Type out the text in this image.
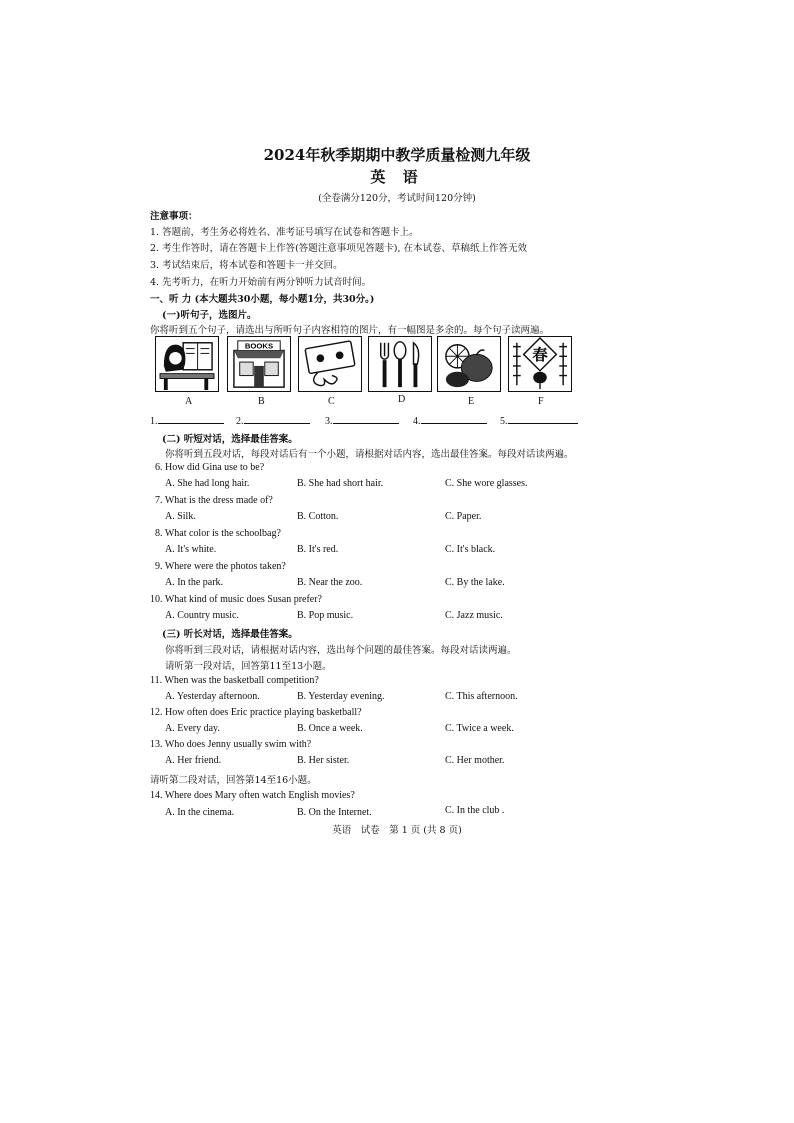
2024年秋季期期中教学质量检测九年级
英 语
(全卷满分120分，考试时间120分钟)
注意事项：
1. 答题前，考生务必将姓名、准考证号填写在试卷和答题卡上。
2. 考生作答时，请在答题卡上作答(答题注意事项见答题卡), 在本试卷、草稿纸上作答无效
3. 考试结束后，将本试卷和答题卡一并交回。
4. 先考听力，在听力开始前有两分钟听力试音时间。
一、听 力 (本大题共30小题，每小题1分，共30分。)
(一)听句子，选图片。
你将听到五个句子，请选出与所听句子内容相符的图片，有一幅图是多余的。每个句子读两遍。
BOOKS
春
A	B	C	D	E	F
1.	2.	3.	4.	5.
(二) 听短对话，选择最佳答案。
你将听到五段对话，每段对话后有一个小题，请根据对话内容，选出最佳答案。每段对话读两遍。
6. How did Gina use to be?
A. She had long hair.	B. She had short hair.	C. She wore glasses.
7. What is the dress made of?
A. Silk.	B. Cotton.	C. Paper.
8. What color is the schoolbag?
A. It's white.	B. It's red.	C. It's black.
9. Where were the photos taken?
A. In the park.	B. Near the zoo.	C. By the lake.
10. What kind of music does Susan prefer?
A. Country music.	B. Pop music.	C. Jazz music.
(三) 听长对话，选择最佳答案。
你将听到三段对话，请根据对话内容，选出每个问题的最佳答案。每段对话读两遍。
请听第一段对话，回答第11至13小题。
11. When was the basketball competition?
A. Yesterday afternoon.	B. Yesterday evening.	C. This afternoon.
12. How often does Eric practice playing basketball?
A. Every day.	B. Once a week.	C. Twice a week.
13. Who does Jenny usually swim with?
A. Her friend.	B. Her sister.	C. Her mother.
请听第二段对话，回答第14至16小题。
14. Where does Mary often watch English movies?
A. In the cinema.	B. On the Internet.	C. In the club .
英语　试卷　第 1 页 (共 8 页)
